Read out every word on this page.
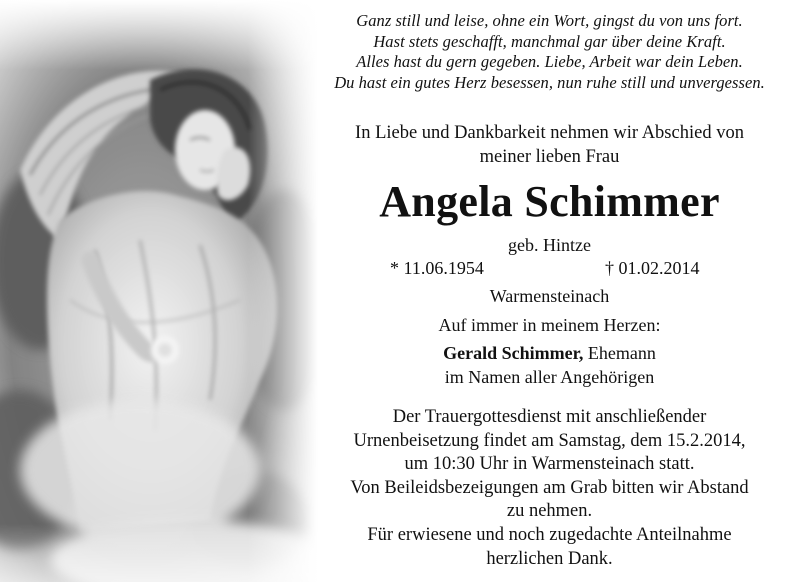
Ganz still und leise, ohne ein Wort, gingst du von uns fort.
Hast stets geschafft, manchmal gar über deine Kraft.
Alles hast du gern gegeben. Liebe, Arbeit war dein Leben.
Du hast ein gutes Herz besessen, nun ruhe still und unvergessen.
In Liebe und Dankbarkeit nehmen wir Abschied von
meiner lieben Frau
Angela Schimmer
geb. Hintze
* 11.06.1954	† 01.02.2014
Warmensteinach
Auf immer in meinem Herzen:
Gerald Schimmer, Ehemann
im Namen aller Angehörigen
Der Trauergottesdienst mit anschließender
Urnenbeisetzung findet am Samstag, dem 15.2.2014,
um 10:30 Uhr in Warmensteinach statt.
Von Beileidsbezeigungen am Grab bitten wir Abstand
zu nehmen.
Für erwiesene und noch zugedachte Anteilnahme
herzlichen Dank.
